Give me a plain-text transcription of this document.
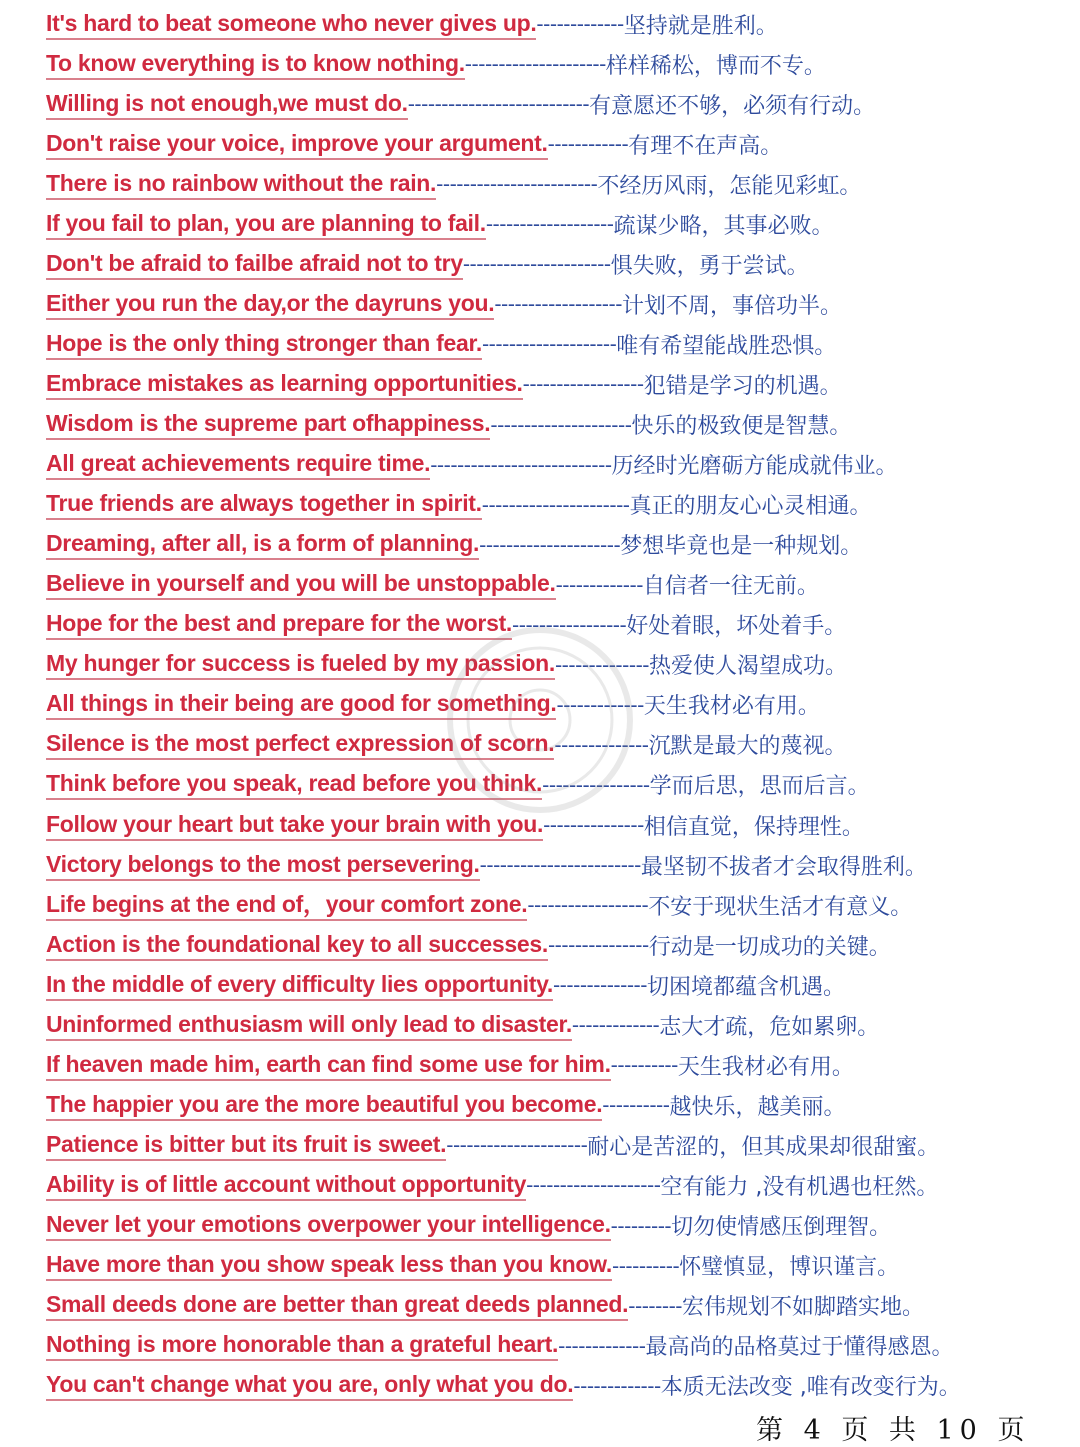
It's hard to beat someone who never gives up. ------------- 坚持就是胜利。
To know everything is to know nothing. --------------------- 样样稀松，博而不专。
Willing is not enough,we must do. --------------------------- 有意愿还不够，必须有行动。
Don't raise your voice, improve your argument. ------------ 有理不在声高。
There is no rainbow without the rain. ------------------------ 不经历风雨，怎能见彩虹。
If you fail to plan, you are planning to fail. ------------------- 疏谋少略，其事必败。
Don't be afraid to failbe afraid not to try ---------------------- 惧失败，勇于尝试。
Either you run the day,or the dayruns you. ------------------- 计划不周，事倍功半。
Hope is the only thing stronger than fear. -------------------- 唯有希望能战胜恐惧。
Embrace mistakes as learning opportunities. ------------------ 犯错是学习的机遇。
Wisdom is the supreme part ofhappiness. --------------------- 快乐的极致便是智慧。
All great achievements require time. --------------------------- 历经时光磨砺方能成就伟业。
True friends are always together in spirit. ---------------------- 真正的朋友心心灵相通。
Dreaming, after all, is a form of planning. --------------------- 梦想毕竟也是一种规划。
Believe in yourself and you will be unstoppable. ------------- 自信者一往无前。
Hope for the best and prepare for the worst. ----------------- 好处着眼，坏处着手。
My hunger for success is fueled by my passion. -------------- 热爱使人渴望成功。
All things in their being are good for something. ------------- 天生我材必有用。
Silence is the most perfect expression of scorn. -------------- 沉默是最大的蔑视。
Think before you speak, read before you think. ---------------- 学而后思，思而后言。
Follow your heart but take your brain with you. --------------- 相信直觉，保持理性。
Victory belongs to the most persevering. ------------------------ 最坚韧不拔者才会取得胜利。
Life begins at the end of，your comfort zone. ------------------ 不安于现状生活才有意义。
Action is the foundational key to all successes. --------------- 行动是一切成功的关键。
In the middle of every difficulty lies opportunity. -------------- 切困境都蕴含机遇。
Uninformed enthusiasm will only lead to disaster. ------------- 志大才疏，危如累卵。
If heaven made him, earth can find some use for him. ---------- 天生我材必有用。
The happier you are the more beautiful you become. ---------- 越快乐，越美丽。
Patience is bitter but its fruit is sweet. --------------------- 耐心是苦涩的，但其成果却很甜蜜。
Ability is of little account without opportunity -------------------- 空有能力 ,没有机遇也枉然。
Never let your emotions overpower your intelligence. --------- 切勿使情感压倒理智。
Have more than you show speak less than you know. ---------- 怀璧慎显，博识谨言。
Small deeds done are better than great deeds planned. -------- 宏伟规划不如脚踏实地。
Nothing is more honorable than a grateful heart. ------------- 最高尚的品格莫过于懂得感恩。
You can't change what you are, only what you do. ------------- 本质无法改变 ,唯有改变行为。
第 4 页 共 10 页
